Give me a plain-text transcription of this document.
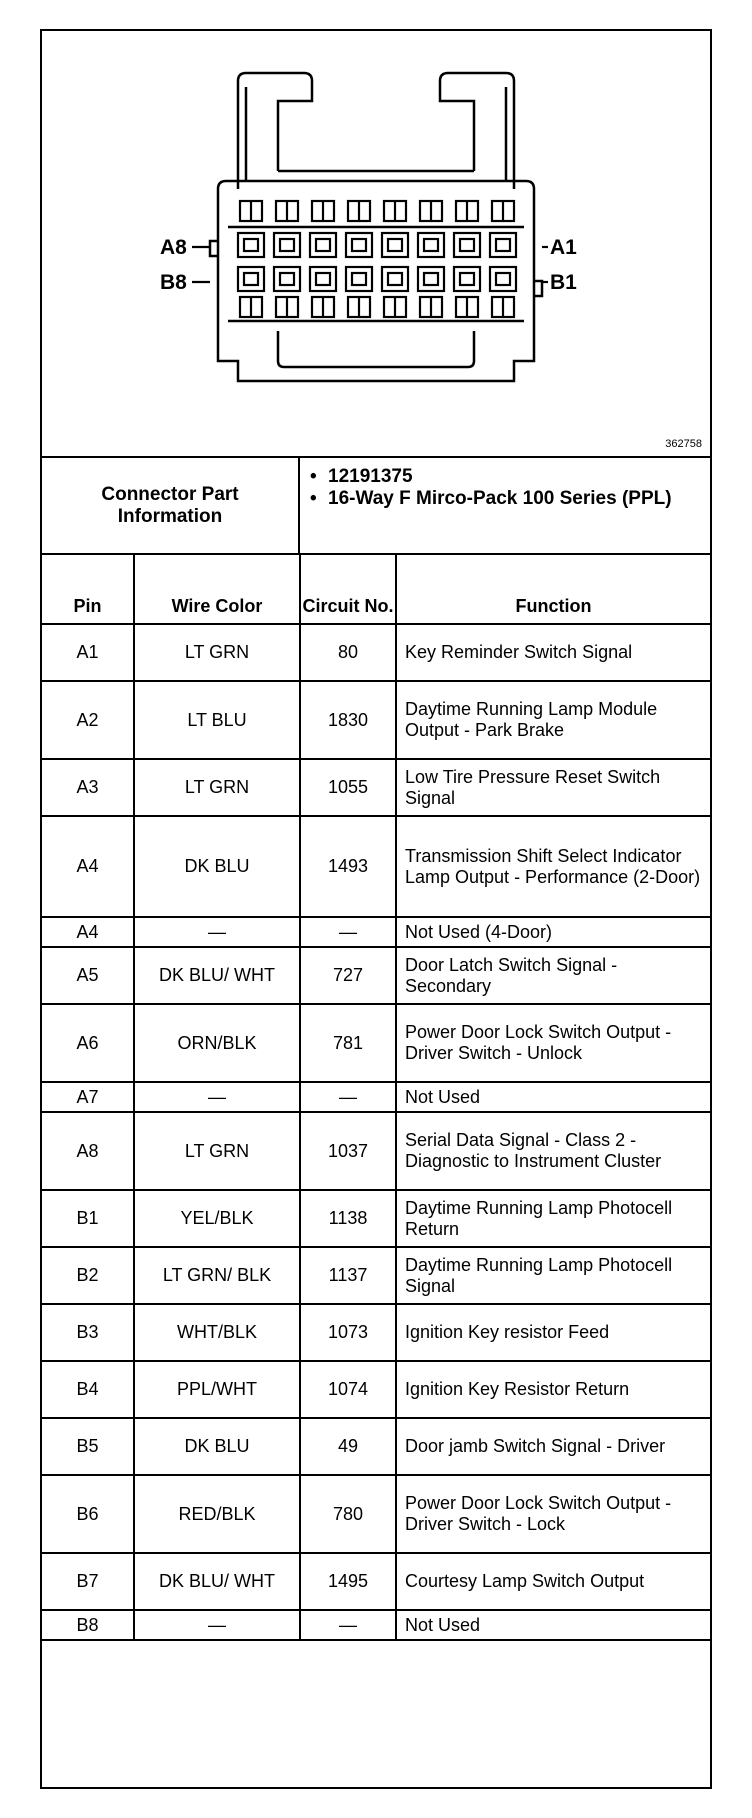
A8
B8
A1
B1
362758
Connector Part Information
• 12191375
• 16-Way F Mirco-Pack 100 Series (PPL)
Pin	Wire Color	Circuit No.	Function
A1	LT GRN	80	Key Reminder Switch Signal
A2	LT BLU	1830	Daytime Running Lamp Module Output - Park Brake
A3	LT GRN	1055	Low Tire Pressure Reset Switch Signal
A4	DK BLU	1493	Transmission Shift Select Indicator Lamp Output - Performance (2-Door)
A4	—	—	Not Used (4-Door)
A5	DK BLU/ WHT	727	Door Latch Switch Signal - Secondary
A6	ORN/BLK	781	Power Door Lock Switch Output - Driver Switch - Unlock
A7	—	—	Not Used
A8	LT GRN	1037	Serial Data Signal - Class 2 - Diagnostic to Instrument Cluster
B1	YEL/BLK	1138	Daytime Running Lamp Photocell Return
B2	LT GRN/ BLK	1137	Daytime Running Lamp Photocell Signal
B3	WHT/BLK	1073	Ignition Key resistor Feed
B4	PPL/WHT	1074	Ignition Key Resistor Return
B5	DK BLU	49	Door jamb Switch Signal - Driver
B6	RED/BLK	780	Power Door Lock Switch Output - Driver Switch - Lock
B7	DK BLU/ WHT	1495	Courtesy Lamp Switch Output
B8	—	—	Not Used
